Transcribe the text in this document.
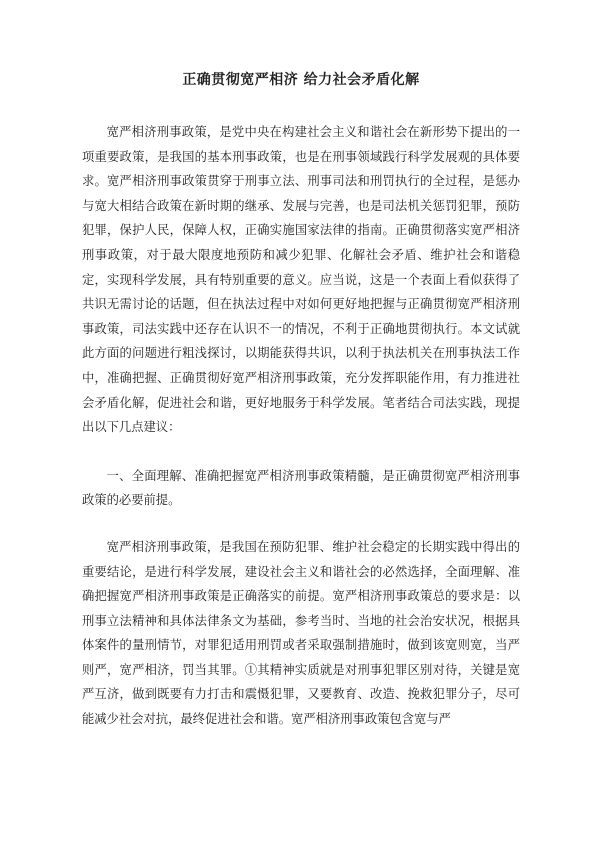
正确贯彻宽严相济 给力社会矛盾化解

宽严相济刑事政策，是党中央在构建社会主义和谐社会在新形势下提出的一项重要政策，是我国的基本刑事政策，也是在刑事领域践行科学发展观的具体要求。宽严相济刑事政策贯穿于刑事立法、刑事司法和刑罚执行的全过程，是惩办与宽大相结合政策在新时期的继承、发展与完善，也是司法机关惩罚犯罪，预防犯罪，保护人民，保障人权，正确实施国家法律的指南。正确贯彻落实宽严相济刑事政策，对于最大限度地预防和减少犯罪、化解社会矛盾、维护社会和谐稳定，实现科学发展，具有特别重要的意义。应当说，这是一个表面上看似获得了共识无需讨论的话题，但在执法过程中对如何更好地把握与正确贯彻宽严相济刑事政策，司法实践中还存在认识不一的情况，不利于正确地贯彻执行。本文试就此方面的问题进行粗浅探讨，以期能获得共识，以利于执法机关在刑事执法工作中，准确把握、正确贯彻好宽严相济刑事政策，充分发挥职能作用，有力推进社会矛盾化解，促进社会和谐，更好地服务于科学发展。笔者结合司法实践，现提出以下几点建议：

一、全面理解、准确把握宽严相济刑事政策精髓，是正确贯彻宽严相济刑事政策的必要前提。

宽严相济刑事政策，是我国在预防犯罪、维护社会稳定的长期实践中得出的重要结论，是进行科学发展，建设社会主义和谐社会的必然选择，全面理解、准确把握宽严相济刑事政策是正确落实的前提。宽严相济刑事政策总的要求是：以刑事立法精神和具体法律条文为基础，参考当时、当地的社会治安状况，根据具体案件的量刑情节，对罪犯适用刑罚或者采取强制措施时，做到该宽则宽，当严则严，宽严相济，罚当其罪。①其精神实质就是对刑事犯罪区别对待，关键是宽严互济，做到既要有力打击和震慑犯罪，又要教育、改造、挽救犯罪分子，尽可能减少社会对抗，最终促进社会和谐。宽严相济刑事政策包含宽与严
